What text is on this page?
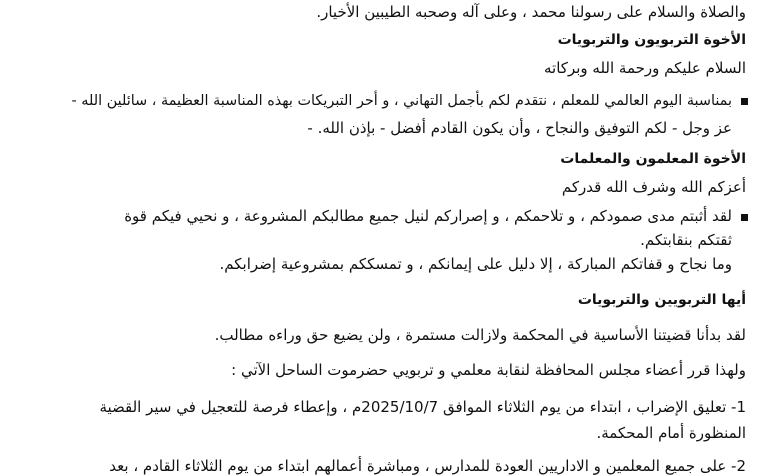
والصلاة والسلام على رسولنا محمد ، وعلى آله وصحبه الطيبين الأخيار.
الأخوة التربويون والتربويات
السلام عليكم ورحمة الله وبركاته
بمناسبة اليوم العالمي للمعلم ، نتقدم لكم بأجمل التهاني ، و أحر التبريكات بهذه المناسبة العظيمة ، سائلين الله -
عز وجل - لكم التوفيق والنجاح ، وأن يكون القادم أفضل - بإذن الله. -
الأخوة المعلمون والمعلمات
أعزكم الله وشرف الله قدركم
لقد أثبتم مدى صمودكم ، و تلاحمكم ، و إصراركم لنيل جميع مطالبكم المشروعة ، و نحيي فيكم قوة
ثقتكم بنقابتكم.
وما نجاح و قفاتكم المباركة ، إلا دليل على إيمانكم ، و تمسككم بمشروعية إضرابكم.
أيها التربويين والتربويات
لقد بدأنا قضيتنا الأساسية في المحكمة ولازالت مستمرة ، ولن يضيع حق وراءه مطالب.
ولهذا قرر أعضاء مجلس المحافظة لنقابة معلمي و تربويي حضرموت الساحل الآتي :
1- تعليق الإضراب ، ابتداء من يوم الثلاثاء الموافق 2025/10/7م ، وإعطاء فرصة للتعجيل في سير القضية
المنظورة أمام المحكمة.
2- على جميع المعلمين و الاداريين العودة للمدارس ، ومباشرة أعمالهم ابتداء من يوم الثلاثاء القادم ، بعد
